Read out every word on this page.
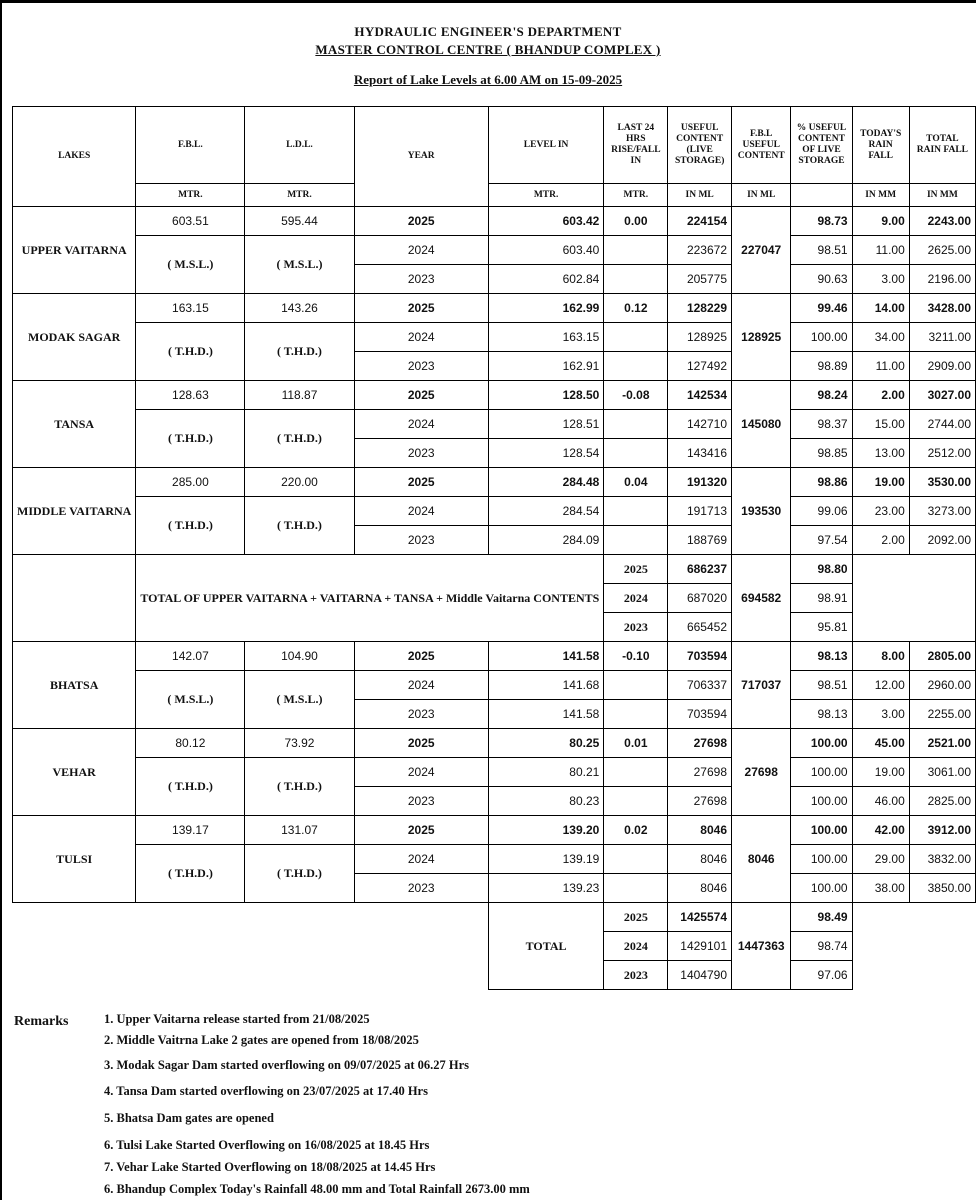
HYDRAULIC ENGINEER'S DEPARTMENT
MASTER CONTROL CENTRE ( BHANDUP COMPLEX )
Report of Lake Levels at 6.00 AM on 15-09-2025
LAKES	F.B.L.	L.D.L.	YEAR	LEVEL IN	LAST 24 HRS RISE/FALL IN	USEFUL CONTENT (LIVE STORAGE)	F.B.L USEFUL CONTENT	% USEFUL CONTENT OF LIVE STORAGE	TODAY'S RAIN FALL	TOTAL RAIN FALL
	MTR.	MTR.		MTR.	MTR.	IN ML	IN ML		IN MM	IN MM
UPPER VAITARNA	603.51	595.44	2025	603.42	0.00	224154	227047	98.73	9.00	2243.00
	( M.S.L.)	( M.S.L.)	2024	603.40		223672		98.51	11.00	2625.00
			2023	602.84		205775		90.63	3.00	2196.00
MODAK SAGAR	163.15	143.26	2025	162.99	0.12	128229	128925	99.46	14.00	3428.00
	( T.H.D.)	( T.H.D.)	2024	163.15		128925		100.00	34.00	3211.00
			2023	162.91		127492		98.89	11.00	2909.00
TANSA	128.63	118.87	2025	128.50	-0.08	142534	145080	98.24	2.00	3027.00
	( T.H.D.)	( T.H.D.)	2024	128.51		142710		98.37	15.00	2744.00
			2023	128.54		143416		98.85	13.00	2512.00
MIDDLE VAITARNA	285.00	220.00	2025	284.48	0.04	191320	193530	98.86	19.00	3530.00
	( T.H.D.)	( T.H.D.)	2024	284.54		191713		99.06	23.00	3273.00
			2023	284.09		188769		97.54	2.00	2092.00
	TOTAL OF UPPER VAITARNA + VAITARNA + TANSA + Middle Vaitarna CONTENTS				2025	686237	694582	98.80		
					2024	687020		98.91		
					2023	665452		95.81		
BHATSA	142.07	104.90	2025	141.58	-0.10	703594	717037	98.13	8.00	2805.00
	( M.S.L.)	( M.S.L.)	2024	141.68		706337		98.51	12.00	2960.00
			2023	141.58		703594		98.13	3.00	2255.00
VEHAR	80.12	73.92	2025	80.25	0.01	27698	27698	100.00	45.00	2521.00
	( T.H.D.)	( T.H.D.)	2024	80.21		27698		100.00	19.00	3061.00
			2023	80.23		27698		100.00	46.00	2825.00
TULSI	139.17	131.07	2025	139.20	0.02	8046	8046	100.00	42.00	3912.00
	( T.H.D.)	( T.H.D.)	2024	139.19		8046		100.00	29.00	3832.00
			2023	139.23		8046		100.00	38.00	3850.00
				TOTAL	2025	1425574	1447363	98.49		
					2024	1429101		98.74		
					2023	1404790		97.06		
Remarks	1. Upper Vaitarna release started from 21/08/2025
2. Middle Vaitrna Lake 2 gates are opened from 18/08/2025
3. Modak Sagar Dam started overflowing on 09/07/2025 at 06.27 Hrs
4. Tansa Dam started overflowing on 23/07/2025 at 17.40 Hrs
5. Bhatsa Dam gates are opened
6. Tulsi Lake Started Overflowing on 16/08/2025 at 18.45 Hrs
7. Vehar Lake Started Overflowing on 18/08/2025 at 14.45 Hrs
6. Bhandup Complex Today's Rainfall 48.00 mm and Total Rainfall 2673.00 mm
